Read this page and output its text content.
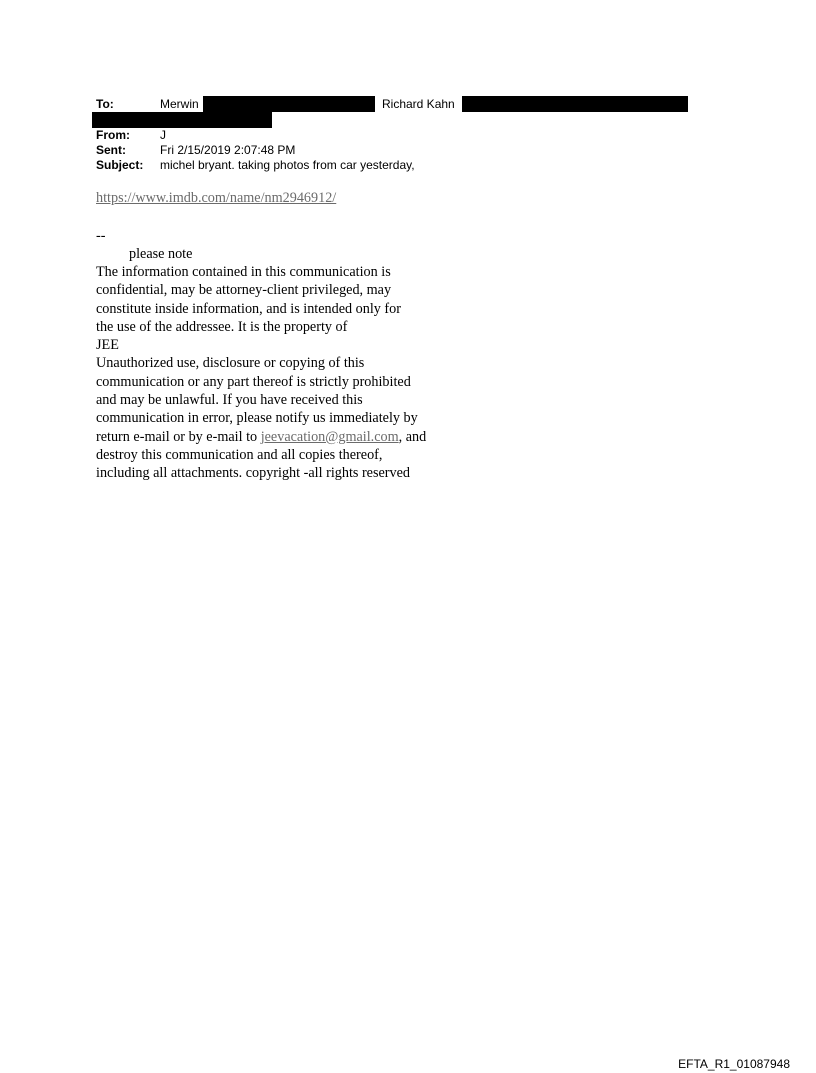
To:	Merwin	Richard Kahn
From:	J
Sent:	Fri 2/15/2019 2:07:48 PM
Subject: michel bryant. taking photos from car yesterday,
https://www.imdb.com/name/nm2946912/
--
please note
The information contained in this communication is
confidential, may be attorney-client privileged, may
constitute inside information, and is intended only for
the use of the addressee. It is the property of
JEE
Unauthorized use, disclosure or copying of this
communication or any part thereof is strictly prohibited
and may be unlawful. If you have received this
communication in error, please notify us immediately by
return e-mail or by e-mail to jeevacation@gmail.com, and
destroy this communication and all copies thereof,
including all attachments. copyright -all rights reserved
EFTA_R1_01087948
